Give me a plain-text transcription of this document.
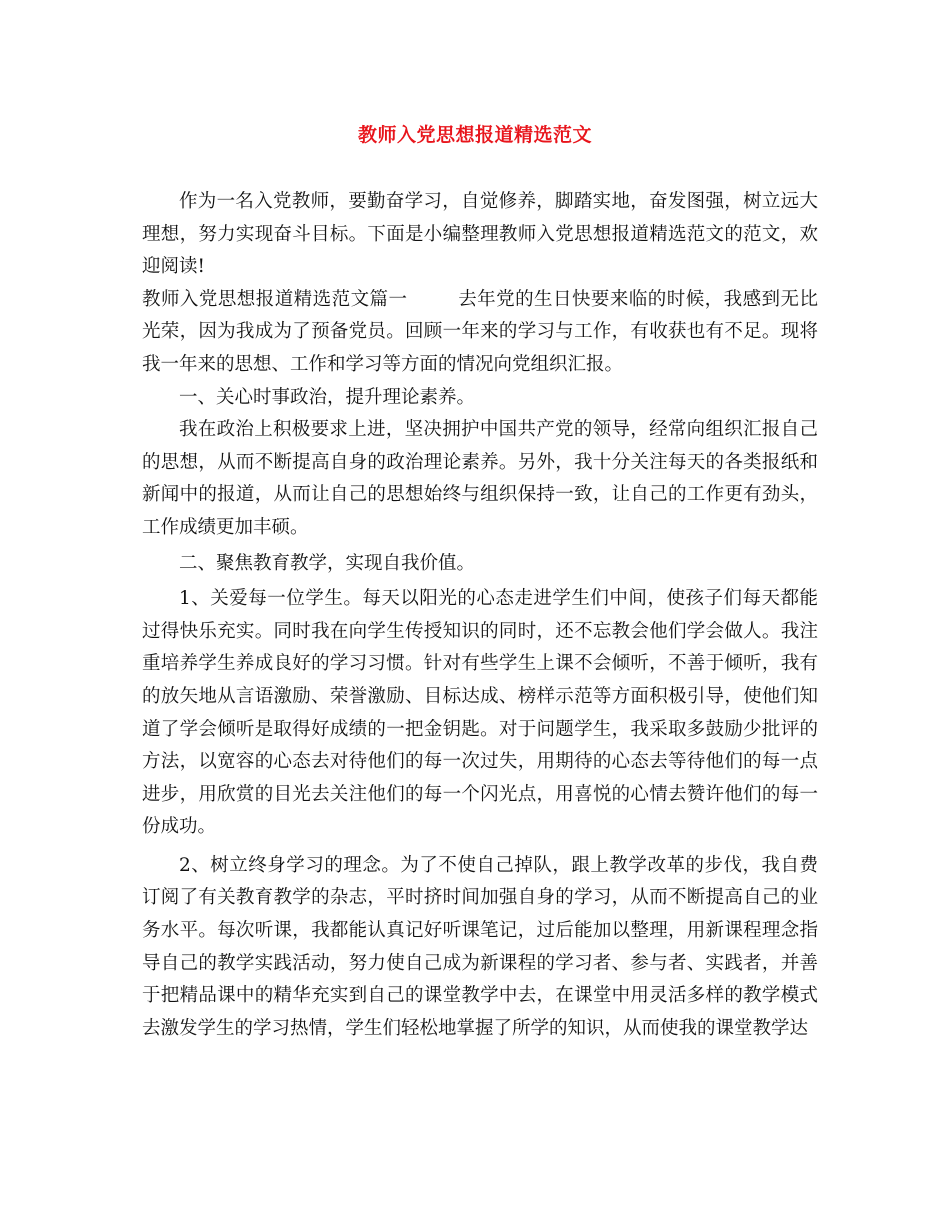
教师入党思想报道精选范文

作为一名入党教师，要勤奋学习，自觉修养，脚踏实地，奋发图强，树立远大理想，努力实现奋斗目标。下面是小编整理教师入党思想报道精选范文的范文，欢迎阅读!

教师入党思想报道精选范文篇一	去年党的生日快要来临的时候，我感到无比光荣，因为我成为了预备党员。回顾一年来的学习与工作，有收获也有不足。现将我一年来的思想、工作和学习等方面的情况向党组织汇报。

一、关心时事政治，提升理论素养。

我在政治上积极要求上进，坚决拥护中国共产党的领导，经常向组织汇报自己的思想，从而不断提高自身的政治理论素养。另外，我十分关注每天的各类报纸和新闻中的报道，从而让自己的思想始终与组织保持一致，让自己的工作更有劲头，工作成绩更加丰硕。

二、聚焦教育教学，实现自我价值。

1、关爱每一位学生。每天以阳光的心态走进学生们中间，使孩子们每天都能过得快乐充实。同时我在向学生传授知识的同时，还不忘教会他们学会做人。我注重培养学生养成良好的学习习惯。针对有些学生上课不会倾听，不善于倾听，我有的放矢地从言语激励、荣誉激励、目标达成、榜样示范等方面积极引导，使他们知道了学会倾听是取得好成绩的一把金钥匙。对于问题学生，我采取多鼓励少批评的方法，以宽容的心态去对待他们的每一次过失，用期待的心态去等待他们的每一点进步，用欣赏的目光去关注他们的每一个闪光点，用喜悦的心情去赞许他们的每一份成功。

2、树立终身学习的理念。为了不使自己掉队，跟上教学改革的步伐，我自费订阅了有关教育教学的杂志，平时挤时间加强自身的学习，从而不断提高自己的业务水平。每次听课，我都能认真记好听课笔记，过后能加以整理，用新课程理念指导自己的教学实践活动，努力使自己成为新课程的学习者、参与者、实践者，并善于把精品课中的精华充实到自己的课堂教学中去，在课堂中用灵活多样的教学模式去激发学生的学习热情，学生们轻松地掌握了所学的知识，从而使我的课堂教学达
